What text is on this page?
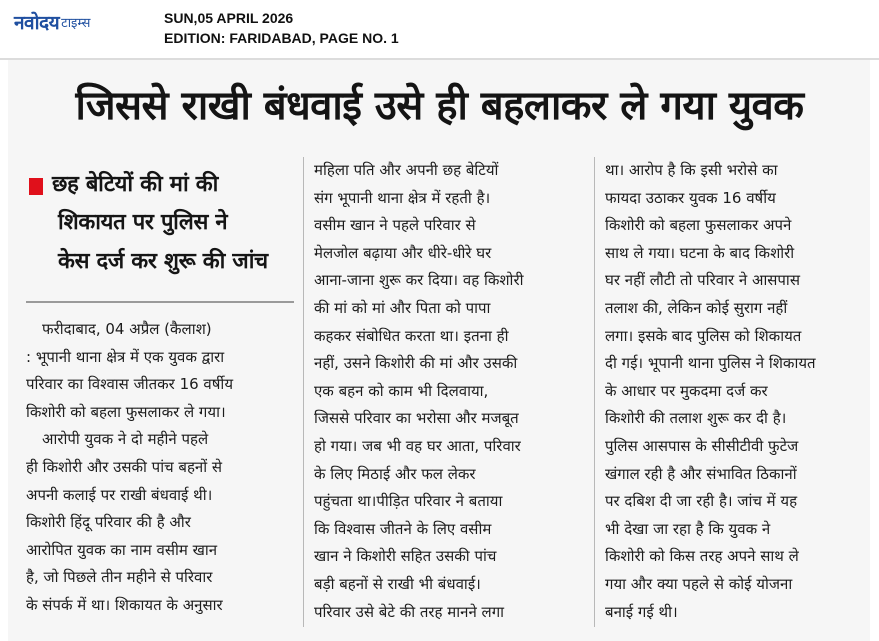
नवोदय टाइम्स	SUN,05 APRIL 2026
EDITION: FARIDABAD, PAGE NO. 1
जिससे राखी बंधवाई उसे ही बहलाकर ले गया युवक
छह बेटियों की मां की
शिकायत पर पुलिस ने
केस दर्ज कर शुरू की जांच
फरीदाबाद, 04 अप्रैल (कैलाश)
: भूपानी थाना क्षेत्र में एक युवक द्वारा
परिवार का विश्वास जीतकर 16 वर्षीय
किशोरी को बहला फुसलाकर ले गया।
आरोपी युवक ने दो महीने पहले
ही किशोरी और उसकी पांच बहनों से
अपनी कलाई पर राखी बंधवाई थी।
किशोरी हिंदू परिवार की है और
आरोपित युवक का नाम वसीम खान
है, जो पिछले तीन महीने से परिवार
के संपर्क में था। शिकायत के अनुसार
महिला पति और अपनी छह बेटियों
संग भूपानी थाना क्षेत्र में रहती है।
वसीम खान ने पहले परिवार से
मेलजोल बढ़ाया और धीरे-धीरे घर
आना-जाना शुरू कर दिया। वह किशोरी
की मां को मां और पिता को पापा
कहकर संबोधित करता था। इतना ही
नहीं, उसने किशोरी की मां और उसकी
एक बहन को काम भी दिलवाया,
जिससे परिवार का भरोसा और मजबूत
हो गया। जब भी वह घर आता, परिवार
के लिए मिठाई और फल लेकर
पहुंचता था।पीड़ित परिवार ने बताया
कि विश्वास जीतने के लिए वसीम
खान ने किशोरी सहित उसकी पांच
बड़ी बहनों से राखी भी बंधवाई।
परिवार उसे बेटे की तरह मानने लगा
था। आरोप है कि इसी भरोसे का
फायदा उठाकर युवक 16 वर्षीय
किशोरी को बहला फुसलाकर अपने
साथ ले गया। घटना के बाद किशोरी
घर नहीं लौटी तो परिवार ने आसपास
तलाश की, लेकिन कोई सुराग नहीं
लगा। इसके बाद पुलिस को शिकायत
दी गई। भूपानी थाना पुलिस ने शिकायत
के आधार पर मुकदमा दर्ज कर
किशोरी की तलाश शुरू कर दी है।
पुलिस आसपास के सीसीटीवी फुटेज
खंगाल रही है और संभावित ठिकानों
पर दबिश दी जा रही है। जांच में यह
भी देखा जा रहा है कि युवक ने
किशोरी को किस तरह अपने साथ ले
गया और क्या पहले से कोई योजना
बनाई गई थी।
